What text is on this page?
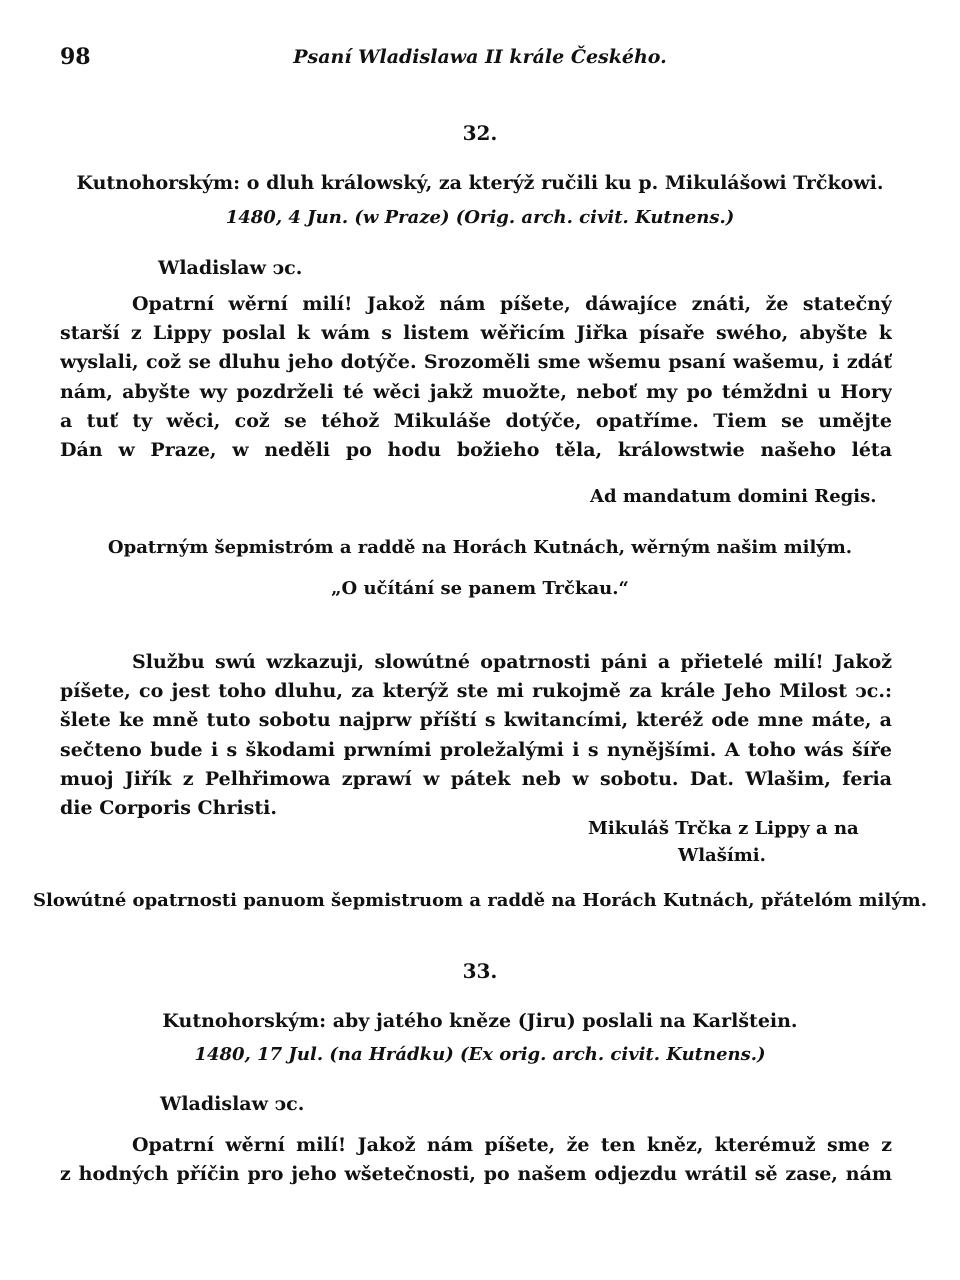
98	Psaní Wladislawa II krále Českého.
32.
Kutnohorským: o dluh králowský, za kterýž ručili ku p. Mikulášowi Trčkowi.
1480, 4 Jun. (w Praze) (Orig. arch. civit. Kutnens.)
Wladislaw ͻc.
Opatrní wěrní milí! Jakož nám píšete, dáwajíce znáti, že statečný
starší z Lippy poslal k wám s listem wěřicím Jiřka písaře swého, abyšte k
wyslali, což se dluhu jeho dotýče. Srozoměli sme wšemu psaní wašemu, i zdáť
nám, abyšte wy pozdrželi té wěci jakž muožte, neboť my po témždni u Hory
a tuť ty wěci, což se téhož Mikuláše dotýče, opatříme. Tiem se umějte
Dán w Praze, w neděli po hodu božieho těla, králowstwie našeho léta
Ad mandatum domini Regis.
Opatrným šepmistróm a raddě na Horách Kutnách, wěrným našim milým.
„O učítání se panem Trčkau.“
Službu swú wzkazuji, slowútné opatrnosti páni a přietelé milí! Jakož
píšete, co jest toho dluhu, za kterýž ste mi rukojmě za krále Jeho Milost ͻc.:
šlete ke mně tuto sobotu najprw příští s kwitancími, kteréž ode mne máte, a
sečteno bude i s škodami prwními proležalými i s nynějšími. A toho wás šíře
muoj Jiřík z Pelhřimowa zprawí w pátek neb w sobotu. Dat. Wlašim, feria
die Corporis Christi.
Mikuláš Trčka z Lippy a na
Wlašími.
Slowútné opatrnosti panuom šepmistruom a raddě na Horách Kutnách, přátelóm milým.
33.
Kutnohorským: aby jatého kněze (Jiru) poslali na Karlštein.
1480, 17 Jul. (na Hrádku) (Ex orig. arch. civit. Kutnens.)
Wladislaw ͻc.
Opatrní wěrní milí! Jakož nám píšete, že ten kněz, kterémuž sme z
z hodných příčin pro jeho wšetečnosti, po našem odjezdu wrátil sě zase, nám
